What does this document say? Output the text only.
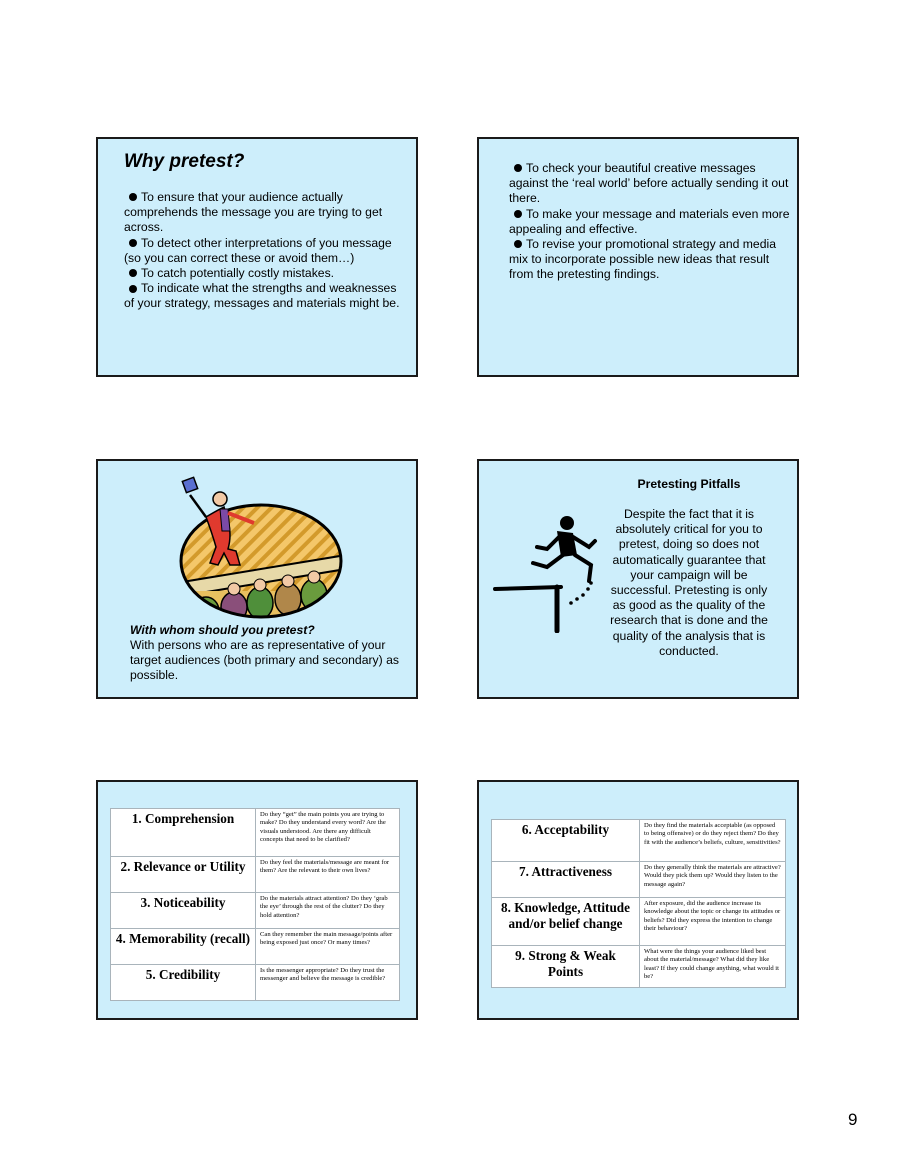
Why pretest?
To ensure that your audience actually comprehends the message you are trying to get across.
To detect other interpretations of you message (so you can correct these or avoid them…)
To catch potentially costly mistakes.
To indicate what the strengths and weaknesses of your strategy, messages and materials might be.
To check your beautiful creative messages against the ‘real world’ before actually sending it out there.
To make your message and materials even more appealing and effective.
To revise your promotional strategy and media mix to incorporate possible new ideas that result from the pretesting findings.
With whom should you pretest?
With persons who are as representative of your target audiences (both primary and secondary) as possible.
Pretesting Pitfalls
Despite the fact that it is absolutely critical for you to pretest, doing so does not automatically guarantee that your campaign will be successful. Pretesting is only as good as the quality of the research that is done and the quality of the analysis that is conducted.
1. Comprehension	Do they “get” the main points you are trying to make? Do they understand every word? Are the visuals understood. Are there any difficult concepts that need to be clarified?
2. Relevance or Utility	Do they feel the materials/message are meant for them? Are the relevant to their own lives?
3. Noticeability	Do the materials attract attention? Do they ‘grab the eye’ through the rest of the clutter? Do they hold attention?
4. Memorability (recall)	Can they remember the main message/points after being exposed just once? Or many times?
5. Credibility	Is the messenger appropriate? Do they trust the messenger and believe the message is credible?
6. Acceptability	Do they find the materials acceptable (as opposed to being offensive) or do they reject them? Do they fit with the audience’s beliefs, culture, sensitivities?
7. Attractiveness	Do they generally think the materials are attractive? Would they pick them up? Would they listen to the message again?
8. Knowledge, Attitude and/or belief change	After exposure, did the audience increase its knowledge about the topic or change its attitudes or beliefs? Did they express the intention to change their behaviour?
9. Strong & Weak Points	What were the things your audience liked best about the material/message? What did they like least? If they could change anything, what would it be?
9
